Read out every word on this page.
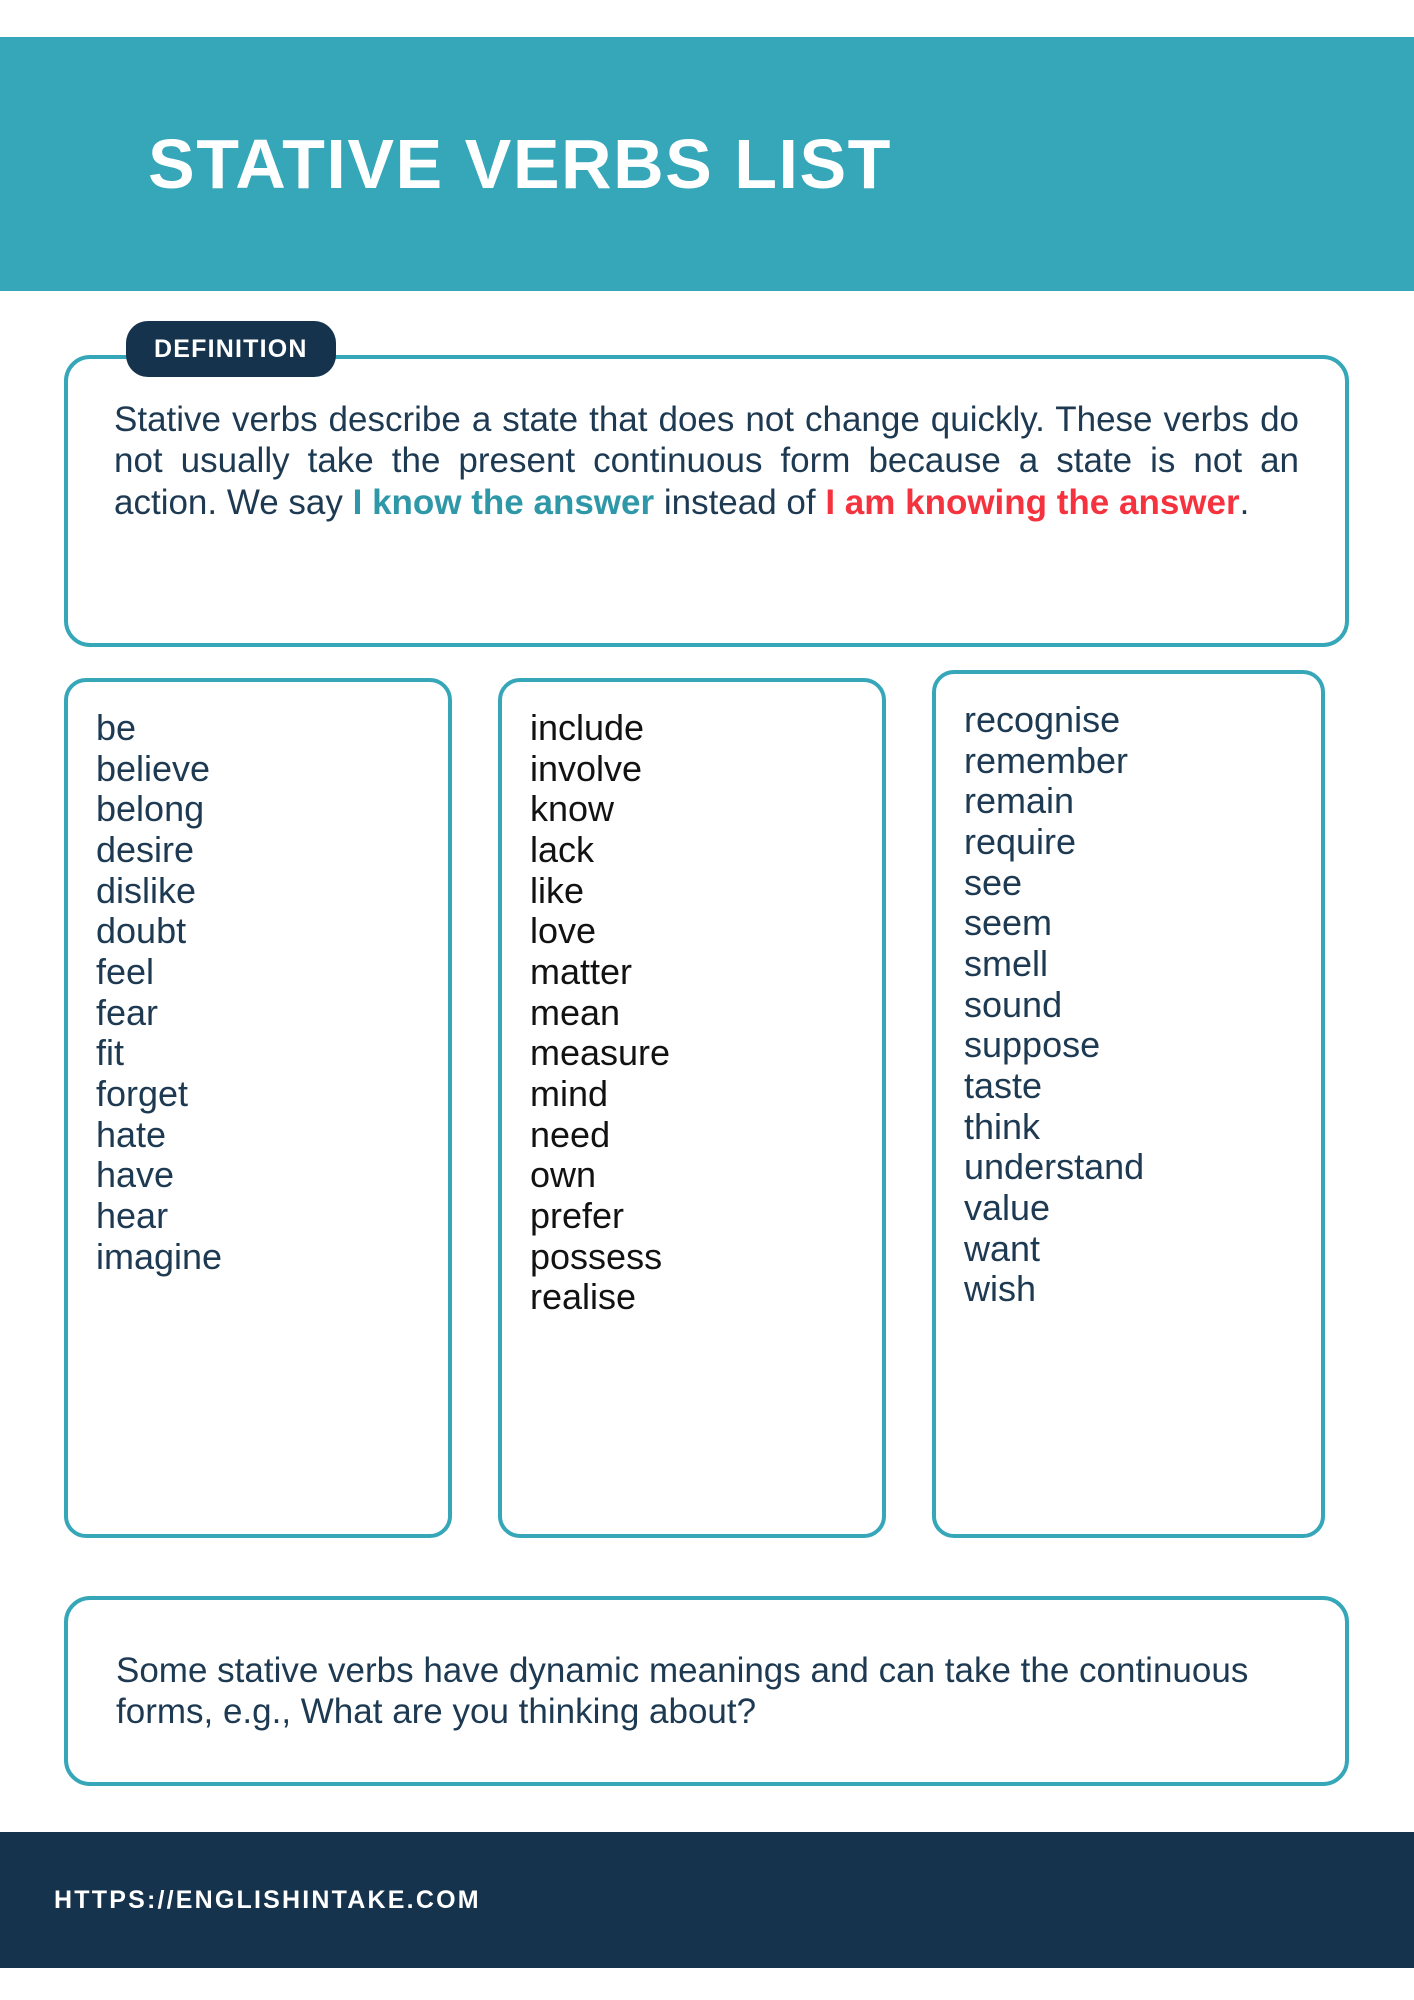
STATIVE VERBS LIST
DEFINITION

Stative verbs describe a state that does not change quickly. These verbs do not usually take the present continuous form because a state is not an action. We say I know the answer instead of I am knowing the answer.

be
believe
belong
desire
dislike
doubt
feel
fear
fit
forget
hate
have
hear
imagine
include
involve
know
lack
like
love
matter
mean
measure
mind
need
own
prefer
possess
realise
recognise
remember
remain
require
see
seem
smell
sound
suppose
taste
think
understand
value
want
wish

Some stative verbs have dynamic meanings and can take the continuous forms, e.g., What are you thinking about?

HTTPS://ENGLISHINTAKE.COM
